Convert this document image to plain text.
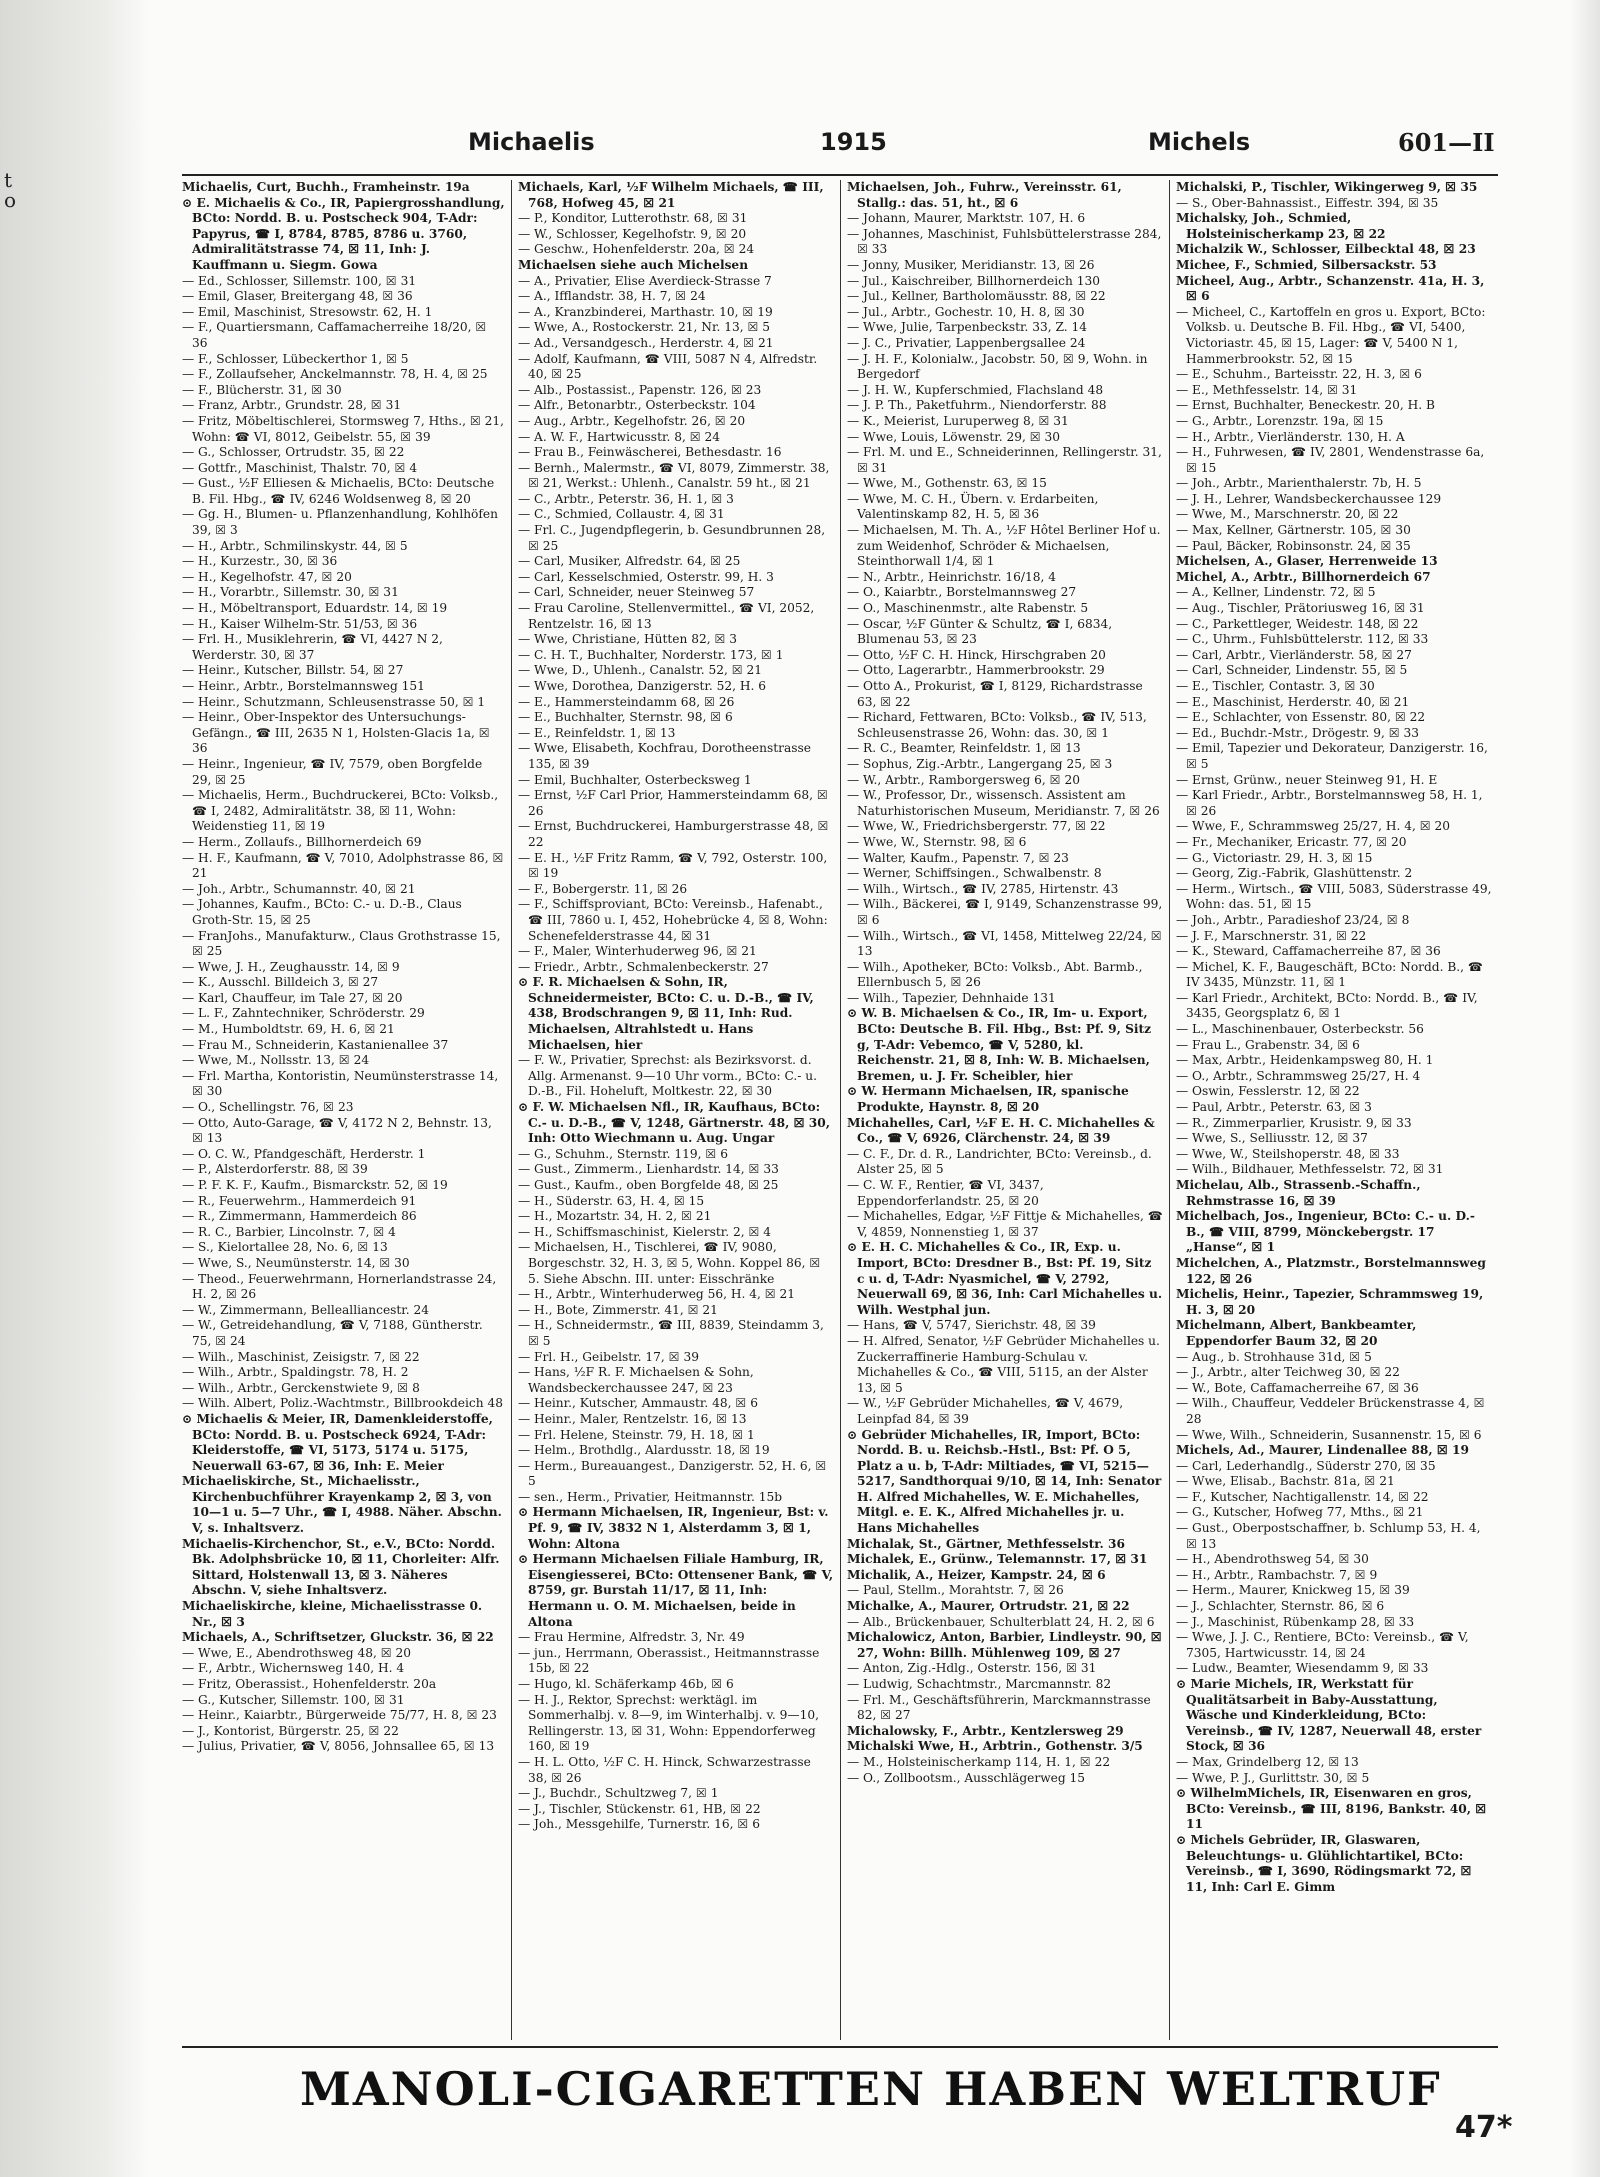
t
o
Michaelis	1915	Michels	601—II

Michaelis, Curt, Buchh., Framheinstr. 19a

⊙ E. Michaelis & Co., IR, Papiergrosshandlung, BCto: Nordd. B. u. Postscheck 904, T-Adr: Papyrus, ☎ I, 8784, 8785, 8786 u. 3760, Admiralitätstrasse 74, ☒ 11, Inh: J. Kauffmann u. Siegm. Gowa

— Ed., Schlosser, Sillemstr. 100, ☒ 31

— Emil, Glaser, Breitergang 48, ☒ 36

— Emil, Maschinist, Stresowstr. 62, H. 1

— F., Quartiersmann, Caffamacherreihe 18/20, ☒ 36

— F., Schlosser, Lübeckerthor 1, ☒ 5

— F., Zollaufseher, Anckelmannstr. 78, H. 4, ☒ 25

— F., Blücherstr. 31, ☒ 30

— Franz, Arbtr., Grundstr. 28, ☒ 31

— Fritz, Möbeltischlerei, Stormsweg 7, Hths., ☒ 21, Wohn: ☎ VI, 8012, Geibelstr. 55, ☒ 39

— G., Schlosser, Ortrudstr. 35, ☒ 22

— Gottfr., Maschinist, Thalstr. 70, ☒ 4

— Gust., ½F Elliesen & Michaelis, BCto: Deutsche B. Fil. Hbg., ☎ IV, 6246 Woldsenweg 8, ☒ 20

— Gg. H., Blumen- u. Pflanzenhandlung, Kohlhöfen 39, ☒ 3

— H., Arbtr., Schmilinskystr. 44, ☒ 5

— H., Kurzestr., 30, ☒ 36

— H., Kegelhofstr. 47, ☒ 20

— H., Vorarbtr., Sillemstr. 30, ☒ 31

— H., Möbeltransport, Eduardstr. 14, ☒ 19

— H., Kaiser Wilhelm-Str. 51/53, ☒ 36

— Frl. H., Musiklehrerin, ☎ VI, 4427 N 2, Werderstr. 30, ☒ 37

— Heinr., Kutscher, Billstr. 54, ☒ 27

— Heinr., Arbtr., Borstelmannsweg 151

— Heinr., Schutzmann, Schleusenstrasse 50, ☒ 1

— Heinr., Ober-Inspektor des Untersuchungs-Gefängn., ☎ III, 2635 N 1, Holsten-Glacis 1a, ☒ 36

— Heinr., Ingenieur, ☎ IV, 7579, oben Borgfelde 29, ☒ 25

— Michaelis, Herm., Buchdruckerei, BCto: Volksb., ☎ I, 2482, Admiralitätstr. 38, ☒ 11, Wohn: Weidenstieg 11, ☒ 19

— Herm., Zollaufs., Billhornerdeich 69

— H. F., Kaufmann, ☎ V, 7010, Adolphstrasse 86, ☒ 21

— Joh., Arbtr., Schumannstr. 40, ☒ 21

— Johannes, Kaufm., BCto: C.- u. D.-B., Claus Groth-Str. 15, ☒ 25

— FranJohs., Manufakturw., Claus Grothstrasse 15, ☒ 25

— Wwe, J. H., Zeughausstr. 14, ☒ 9

— K., Ausschl. Billdeich 3, ☒ 27

— Karl, Chauffeur, im Tale 27, ☒ 20

— L. F., Zahntechniker, Schröderstr. 29

— M., Humboldtstr. 69, H. 6, ☒ 21

— Frau M., Schneiderin, Kastanienallee 37

— Wwe, M., Nollsstr. 13, ☒ 24

— Frl. Martha, Kontoristin, Neumünsterstrasse 14, ☒ 30

— O., Schellingstr. 76, ☒ 23

— Otto, Auto-Garage, ☎ V, 4172 N 2, Behnstr. 13, ☒ 13

— O. C. W., Pfandgeschäft, Herderstr. 1

— P., Alsterdorferstr. 88, ☒ 39

— P. F. K. F., Kaufm., Bismarckstr. 52, ☒ 19

— R., Feuerwehrm., Hammerdeich 91

— R., Zimmermann, Hammerdeich 86

— R. C., Barbier, Lincolnstr. 7, ☒ 4

— S., Kielortallee 28, No. 6, ☒ 13

— Wwe, S., Neumünsterstr. 14, ☒ 30

— Theod., Feuerwehrmann, Hornerlandstrasse 24, H. 2, ☒ 26

— W., Zimmermann, Bellealliancestr. 24

— W., Getreidehandlung, ☎ V, 7188, Güntherstr. 75, ☒ 24

— Wilh., Maschinist, Zeisigstr. 7, ☒ 22

— Wilh., Arbtr., Spaldingstr. 78, H. 2

— Wilh., Arbtr., Gerckenstwiete 9, ☒ 8

— Wilh. Albert, Poliz.-Wachtmstr., Billbrookdeich 48

⊙ Michaelis & Meier, IR, Damenkleiderstoffe, BCto: Nordd. B. u. Postscheck 6924, T-Adr: Kleiderstoffe, ☎ VI, 5173, 5174 u. 5175, Neuerwall 63-67, ☒ 36, Inh: E. Meier

Michaeliskirche, St., Michaelisstr., Kirchenbuchführer Krayenkamp 2, ☒ 3, von 10—1 u. 5—7 Uhr., ☎ I, 4988. Näher. Abschn. V, s. Inhaltsverz.

Michaelis-Kirchenchor, St., e.V., BCto: Nordd. Bk. Adolphsbrücke 10, ☒ 11, Chorleiter: Alfr. Sittard, Holstenwall 13, ☒ 3. Näheres Abschn. V, siehe Inhaltsverz.

Michaeliskirche, kleine, Michaelisstrasse 0. Nr., ☒ 3

Michaels, A., Schriftsetzer, Gluckstr. 36, ☒ 22

— Wwe, E., Abendrothsweg 48, ☒ 20

— F., Arbtr., Wichernsweg 140, H. 4

— Fritz, Oberassist., Hohenfelderstr. 20a

— G., Kutscher, Sillemstr. 100, ☒ 31

— Heinr., Kaiarbtr., Bürgerweide 75/77, H. 8, ☒ 23

— J., Kontorist, Bürgerstr. 25, ☒ 22

— Julius, Privatier, ☎ V, 8056, Johnsallee 65, ☒ 13

Michaels, Karl, ½F Wilhelm Michaels, ☎ III, 768, Hofweg 45, ☒ 21

— P., Konditor, Lutterothstr. 68, ☒ 31

— W., Schlosser, Kegelhofstr. 9, ☒ 20

— Geschw., Hohenfelderstr. 20a, ☒ 24

Michaelsen siehe auch Michelsen

— A., Privatier, Elise Averdieck-Strasse 7

— A., Ifflandstr. 38, H. 7, ☒ 24

— A., Kranzbinderei, Marthastr. 10, ☒ 19

— Wwe, A., Rostockerstr. 21, Nr. 13, ☒ 5

— Ad., Versandgesch., Herderstr. 4, ☒ 21

— Adolf, Kaufmann, ☎ VIII, 5087 N 4, Alfredstr. 40, ☒ 25

— Alb., Postassist., Papenstr. 126, ☒ 23

— Alfr., Betonarbtr., Osterbeckstr. 104

— Aug., Arbtr., Kegelhofstr. 26, ☒ 20

— A. W. F., Hartwicusstr. 8, ☒ 24

— Frau B., Feinwäscherei, Bethesdastr. 16

— Bernh., Malermstr., ☎ VI, 8079, Zimmerstr. 38, ☒ 21, Werkst.: Uhlenh., Canalstr. 59 ht., ☒ 21

— C., Arbtr., Peterstr. 36, H. 1, ☒ 3

— C., Schmied, Collaustr. 4, ☒ 31

— Frl. C., Jugendpflegerin, b. Gesundbrunnen 28, ☒ 25

— Carl, Musiker, Alfredstr. 64, ☒ 25

— Carl, Kesselschmied, Osterstr. 99, H. 3

— Carl, Schneider, neuer Steinweg 57

— Frau Caroline, Stellenvermittel., ☎ VI, 2052, Rentzelstr. 16, ☒ 13

— Wwe, Christiane, Hütten 82, ☒ 3

— C. H. T., Buchhalter, Norderstr. 173, ☒ 1

— Wwe, D., Uhlenh., Canalstr. 52, ☒ 21

— Wwe, Dorothea, Danzigerstr. 52, H. 6

— E., Hammersteindamm 68, ☒ 26

— E., Buchhalter, Sternstr. 98, ☒ 6

— E., Reinfeldstr. 1, ☒ 13

— Wwe, Elisabeth, Kochfrau, Dorotheenstrasse 135, ☒ 39

— Emil, Buchhalter, Osterbecksweg 1

— Ernst, ½F Carl Prior, Hammersteindamm 68, ☒ 26

— Ernst, Buchdruckerei, Hamburgerstrasse 48, ☒ 22

— E. H., ½F Fritz Ramm, ☎ V, 792, Osterstr. 100, ☒ 19

— F., Bobergerstr. 11, ☒ 26

— F., Schiffsproviant, BCto: Vereinsb., Hafenabt., ☎ III, 7860 u. I, 452, Hohebrücke 4, ☒ 8, Wohn: Schenefelderstrasse 44, ☒ 31

— F., Maler, Winterhuderweg 96, ☒ 21

— Friedr., Arbtr., Schmalenbeckerstr. 27

⊙ F. R. Michaelsen & Sohn, IR, Schneidermeister, BCto: C. u. D.-B., ☎ IV, 438, Brodschrangen 9, ☒ 11, Inh: Rud. Michaelsen, Altrahlstedt u. Hans Michaelsen, hier

— F. W., Privatier, Sprechst: als Bezirksvorst. d. Allg. Armenanst. 9—10 Uhr vorm., BCto: C.- u. D.-B., Fil. Hoheluft, Moltkestr. 22, ☒ 30

⊙ F. W. Michaelsen Nfl., IR, Kaufhaus, BCto: C.- u. D.-B., ☎ V, 1248, Gärtnerstr. 48, ☒ 30, Inh: Otto Wiechmann u. Aug. Ungar

— G., Schuhm., Sternstr. 119, ☒ 6

— Gust., Zimmerm., Lienhardstr. 14, ☒ 33

— Gust., Kaufm., oben Borgfelde 48, ☒ 25

— H., Süderstr. 63, H. 4, ☒ 15

— H., Mozartstr. 34, H. 2, ☒ 21

— H., Schiffsmaschinist, Kielerstr. 2, ☒ 4

— Michaelsen, H., Tischlerei, ☎ IV, 9080, Borgeschstr. 32, H. 3, ☒ 5, Wohn. Koppel 86, ☒ 5. Siehe Abschn. III. unter: Eisschränke

— H., Arbtr., Winterhuderweg 56, H. 4, ☒ 21

— H., Bote, Zimmerstr. 41, ☒ 21

— H., Schneidermstr., ☎ III, 8839, Steindamm 3, ☒ 5

— Frl. H., Geibelstr. 17, ☒ 39

— Hans, ½F R. F. Michaelsen & Sohn, Wandsbeckerchaussee 247, ☒ 23

— Heinr., Kutscher, Ammaustr. 48, ☒ 6

— Heinr., Maler, Rentzelstr. 16, ☒ 13

— Frl. Helene, Steinstr. 79, H. 18, ☒ 1

— Helm., Brothdlg., Alardusstr. 18, ☒ 19

— Herm., Bureauangest., Danzigerstr. 52, H. 6, ☒ 5

— sen., Herm., Privatier, Heitmannstr. 15b

⊙ Hermann Michaelsen, IR, Ingenieur, Bst: v. Pf. 9, ☎ IV, 3832 N 1, Alsterdamm 3, ☒ 1, Wohn: Altona

⊙ Hermann Michaelsen Filiale Hamburg, IR, Eisengiesserei, BCto: Ottensener Bank, ☎ V, 8759, gr. Burstah 11/17, ☒ 11, Inh: Hermann u. O. M. Michaelsen, beide in Altona

— Frau Hermine, Alfredstr. 3, Nr. 49

— jun., Herrmann, Oberassist., Heitmannstrasse 15b, ☒ 22

— Hugo, kl. Schäferkamp 46b, ☒ 6

— H. J., Rektor, Sprechst: werktägl. im Sommerhalbj. v. 8—9, im Winterhalbj. v. 9—10, Rellingerstr. 13, ☒ 31, Wohn: Eppendorferweg 160, ☒ 19

— H. L. Otto, ½F C. H. Hinck, Schwarzestrasse 38, ☒ 26

— J., Buchdr., Schultzweg 7, ☒ 1

— J., Tischler, Stückenstr. 61, HB, ☒ 22

— Joh., Messgehilfe, Turnerstr. 16, ☒ 6

Michaelsen, Joh., Fuhrw., Vereinsstr. 61, Stallg.: das. 51, ht., ☒ 6

— Johann, Maurer, Marktstr. 107, H. 6

— Johannes, Maschinist, Fuhlsbüttelerstrasse 284, ☒ 33

— Jonny, Musiker, Meridianstr. 13, ☒ 26

— Jul., Kaischreiber, Billhornerdeich 130

— Jul., Kellner, Bartholomäusstr. 88, ☒ 22

— Jul., Arbtr., Gochestr. 10, H. 8, ☒ 30

— Wwe, Julie, Tarpenbeckstr. 33, Z. 14

— J. C., Privatier, Lappenbergsallee 24

— J. H. F., Kolonialw., Jacobstr. 50, ☒ 9, Wohn. in Bergedorf

— J. H. W., Kupferschmied, Flachsland 48

— J. P. Th., Paketfuhrm., Niendorferstr. 88

— K., Meierist, Luruperweg 8, ☒ 31

— Wwe, Louis, Löwenstr. 29, ☒ 30

— Frl. M. und E., Schneiderinnen, Rellingerstr. 31, ☒ 31

— Wwe, M., Gothenstr. 63, ☒ 15

— Wwe, M. C. H., Übern. v. Erdarbeiten, Valentinskamp 82, H. 5, ☒ 36

— Michaelsen, M. Th. A., ½F Hôtel Berliner Hof u. zum Weidenhof, Schröder & Michaelsen, Steinthorwall 1/4, ☒ 1

— N., Arbtr., Heinrichstr. 16/18, 4

— O., Kaiarbtr., Borstelmannsweg 27

— O., Maschinenmstr., alte Rabenstr. 5

— Oscar, ½F Günter & Schultz, ☎ I, 6834, Blumenau 53, ☒ 23

— Otto, ½F C. H. Hinck, Hirschgraben 20

— Otto, Lagerarbtr., Hammerbrookstr. 29

— Otto A., Prokurist, ☎ I, 8129, Richardstrasse 63, ☒ 22

— Richard, Fettwaren, BCto: Volksb., ☎ IV, 513, Schleusenstrasse 26, Wohn: das. 30, ☒ 1

— R. C., Beamter, Reinfeldstr. 1, ☒ 13

— Sophus, Zig.-Arbtr., Langergang 25, ☒ 3

— W., Arbtr., Ramborgersweg 6, ☒ 20

— W., Professor, Dr., wissensch. Assistent am Naturhistorischen Museum, Meridianstr. 7, ☒ 26

— Wwe, W., Friedrichsbergerstr. 77, ☒ 22

— Wwe, W., Sternstr. 98, ☒ 6

— Walter, Kaufm., Papenstr. 7, ☒ 23

— Werner, Schiffsingen., Schwalbenstr. 8

— Wilh., Wirtsch., ☎ IV, 2785, Hirtenstr. 43

— Wilh., Bäckerei, ☎ I, 9149, Schanzenstrasse 99, ☒ 6

— Wilh., Wirtsch., ☎ VI, 1458, Mittelweg 22/24, ☒ 13

— Wilh., Apotheker, BCto: Volksb., Abt. Barmb., Ellernbusch 5, ☒ 26

— Wilh., Tapezier, Dehnhaide 131

⊙ W. B. Michaelsen & Co., IR, Im- u. Export, BCto: Deutsche B. Fil. Hbg., Bst: Pf. 9, Sitz g, T-Adr: Vebemco, ☎ V, 5280, kl. Reichenstr. 21, ☒ 8, Inh: W. B. Michaelsen, Bremen, u. J. Fr. Scheibler, hier

⊙ W. Hermann Michaelsen, IR, spanische Produkte, Haynstr. 8, ☒ 20

Michahelles, Carl, ½F E. H. C. Michahelles & Co., ☎ V, 6926, Clärchenstr. 24, ☒ 39

— C. F., Dr. d. R., Landrichter, BCto: Vereinsb., d. Alster 25, ☒ 5

— C. W. F., Rentier, ☎ VI, 3437, Eppendorferlandstr. 25, ☒ 20

— Michahelles, Edgar, ½F Fittje & Michahelles, ☎ V, 4859, Nonnenstieg 1, ☒ 37

⊙ E. H. C. Michahelles & Co., IR, Exp. u. Import, BCto: Dresdner B., Bst: Pf. 19, Sitz c u. d, T-Adr: Nyasmichel, ☎ V, 2792, Neuerwall 69, ☒ 36, Inh: Carl Michahelles u. Wilh. Westphal jun.

— Hans, ☎ V, 5747, Sierichstr. 48, ☒ 39

— H. Alfred, Senator, ½F Gebrüder Michahelles u. Zuckerraffinerie Hamburg-Schulau v. Michahelles & Co., ☎ VIII, 5115, an der Alster 13, ☒ 5

— W., ½F Gebrüder Michahelles, ☎ V, 4679, Leinpfad 84, ☒ 39

⊙ Gebrüder Michahelles, IR, Import, BCto: Nordd. B. u. Reichsb.-Hstl., Bst: Pf. O 5, Platz a u. b, T-Adr: Miltiades, ☎ VI, 5215—5217, Sandthorquai 9/10, ☒ 14, Inh: Senator H. Alfred Michahelles, W. E. Michahelles, Mitgl. e. E. K., Alfred Michahelles jr. u. Hans Michahelles

Michalak, St., Gärtner, Methfesselstr. 36

Michalek, E., Grünw., Telemannstr. 17, ☒ 31

Michalik, A., Heizer, Kampstr. 24, ☒ 6

— Paul, Stellm., Morahtstr. 7, ☒ 26

Michalke, A., Maurer, Ortrudstr. 21, ☒ 22

— Alb., Brückenbauer, Schulterblatt 24, H. 2, ☒ 6

Michalowicz, Anton, Barbier, Lindleystr. 90, ☒ 27, Wohn: Billh. Mühlenweg 109, ☒ 27

— Anton, Zig.-Hdlg., Osterstr. 156, ☒ 31

— Ludwig, Schachtmstr., Marcmannstr. 82

— Frl. M., Geschäftsführerin, Marckmannstrasse 82, ☒ 27

Michalowsky, F., Arbtr., Kentzlersweg 29

Michalski Wwe, H., Arbtrin., Gothenstr. 3/5

— M., Holsteinischerkamp 114, H. 1, ☒ 22

— O., Zollbootsm., Ausschlägerweg 15

Michalski, P., Tischler, Wikingerweg 9, ☒ 35

— S., Ober-Bahnassist., Eiffestr. 394, ☒ 35

Michalsky, Joh., Schmied, Holsteinischerkamp 23, ☒ 22

Michalzik W., Schlosser, Eilbecktal 48, ☒ 23

Michee, F., Schmied, Silbersackstr. 53

Micheel, Aug., Arbtr., Schanzenstr. 41a, H. 3, ☒ 6

— Micheel, C., Kartoffeln en gros u. Export, BCto: Volksb. u. Deutsche B. Fil. Hbg., ☎ VI, 5400, Victoriastr. 45, ☒ 15, Lager: ☎ V, 5400 N 1, Hammerbrookstr. 52, ☒ 15

— E., Schuhm., Barteisstr. 22, H. 3, ☒ 6

— E., Methfesselstr. 14, ☒ 31

— Ernst, Buchhalter, Beneckestr. 20, H. B

— G., Arbtr., Lorenzstr. 19a, ☒ 15

— H., Arbtr., Vierländerstr. 130, H. A

— H., Fuhrwesen, ☎ IV, 2801, Wendenstrasse 6a, ☒ 15

— Joh., Arbtr., Marienthalerstr. 7b, H. 5

— J. H., Lehrer, Wandsbeckerchaussee 129

— Wwe, M., Marschnerstr. 20, ☒ 22

— Max, Kellner, Gärtnerstr. 105, ☒ 30

— Paul, Bäcker, Robinsonstr. 24, ☒ 35

Michelsen, A., Glaser, Herrenweide 13

Michel, A., Arbtr., Billhornerdeich 67

— A., Kellner, Lindenstr. 72, ☒ 5

— Aug., Tischler, Prätoriusweg 16, ☒ 31

— C., Parkettleger, Weidestr. 148, ☒ 22

— C., Uhrm., Fuhlsbüttelerstr. 112, ☒ 33

— Carl, Arbtr., Vierländerstr. 58, ☒ 27

— Carl, Schneider, Lindenstr. 55, ☒ 5

— E., Tischler, Contastr. 3, ☒ 30

— E., Maschinist, Herderstr. 40, ☒ 21

— E., Schlachter, von Essenstr. 80, ☒ 22

— Ed., Buchdr.-Mstr., Drögestr. 9, ☒ 33

— Emil, Tapezier und Dekorateur, Danzigerstr. 16, ☒ 5

— Ernst, Grünw., neuer Steinweg 91, H. E

— Karl Friedr., Arbtr., Borstelmannsweg 58, H. 1, ☒ 26

— Wwe, F., Schrammsweg 25/27, H. 4, ☒ 20

— Fr., Mechaniker, Ericastr. 77, ☒ 20

— G., Victoriastr. 29, H. 3, ☒ 15

— Georg, Zig.-Fabrik, Glashüttenstr. 2

— Herm., Wirtsch., ☎ VIII, 5083, Süderstrasse 49, Wohn: das. 51, ☒ 15

— Joh., Arbtr., Paradieshof 23/24, ☒ 8

— J. F., Marschnerstr. 31, ☒ 22

— K., Steward, Caffamacherreihe 87, ☒ 36

— Michel, K. F., Baugeschäft, BCto: Nordd. B., ☎ IV 3435, Münzstr. 11, ☒ 1

— Karl Friedr., Architekt, BCto: Nordd. B., ☎ IV, 3435, Georgsplatz 6, ☒ 1

— L., Maschinenbauer, Osterbeckstr. 56

— Frau L., Grabenstr. 34, ☒ 6

— Max, Arbtr., Heidenkampsweg 80, H. 1

— O., Arbtr., Schrammsweg 25/27, H. 4

— Oswin, Fesslerstr. 12, ☒ 22

— Paul, Arbtr., Peterstr. 63, ☒ 3

— R., Zimmerparlier, Krusistr. 9, ☒ 33

— Wwe, S., Selliusstr. 12, ☒ 37

— Wwe, W., Steilshoperstr. 48, ☒ 33

— Wilh., Bildhauer, Methfesselstr. 72, ☒ 31

Michelau, Alb., Strassenb.-Schaffn., Rehmstrasse 16, ☒ 39

Michelbach, Jos., Ingenieur, BCto: C.- u. D.-B., ☎ VIII, 8799, Mönckebergstr. 17 „Hanse“, ☒ 1

Michelchen, A., Platzmstr., Borstelmannsweg 122, ☒ 26

Michelis, Heinr., Tapezier, Schrammsweg 19, H. 3, ☒ 20

Michelmann, Albert, Bankbeamter, Eppendorfer Baum 32, ☒ 20

— Aug., b. Strohhause 31d, ☒ 5

— J., Arbtr., alter Teichweg 30, ☒ 22

— W., Bote, Caffamacherreihe 67, ☒ 36

— Wilh., Chauffeur, Veddeler Brückenstrasse 4, ☒ 28

— Wwe, Wilh., Schneiderin, Susannenstr. 15, ☒ 6

Michels, Ad., Maurer, Lindenallee 88, ☒ 19

— Carl, Lederhandlg., Süderstr 270, ☒ 35

— Wwe, Elisab., Bachstr. 81a, ☒ 21

— F., Kutscher, Nachtigallenstr. 14, ☒ 22

— G., Kutscher, Hofweg 77, Mths., ☒ 21

— Gust., Oberpostschaffner, b. Schlump 53, H. 4, ☒ 13

— H., Abendrothsweg 54, ☒ 30

— H., Arbtr., Rambachstr. 7, ☒ 9

— Herm., Maurer, Knickweg 15, ☒ 39

— J., Schlachter, Sternstr. 86, ☒ 6

— J., Maschinist, Rübenkamp 28, ☒ 33

— Wwe, J. J. C., Rentiere, BCto: Vereinsb., ☎ V, 7305, Hartwicusstr. 14, ☒ 24

— Ludw., Beamter, Wiesendamm 9, ☒ 33

⊙ Marie Michels, IR, Werkstatt für Qualitätsarbeit in Baby-Ausstattung, Wäsche und Kinderkleidung, BCto: Vereinsb., ☎ IV, 1287, Neuerwall 48, erster Stock, ☒ 36

— Max, Grindelberg 12, ☒ 13

— Wwe, P. J., Gurlittstr. 30, ☒ 5

⊙ WilhelmMichels, IR, Eisenwaren en gros, BCto: Vereinsb., ☎ III, 8196, Bankstr. 40, ☒ 11

⊙ Michels Gebrüder, IR, Glaswaren, Beleuchtungs- u. Glühlichtartikel, BCto: Vereinsb., ☎ I, 3690, Rödingsmarkt 72, ☒ 11, Inh: Carl E. Gimm

MANOLI-CIGARETTEN HABEN WELTRUF
47*
